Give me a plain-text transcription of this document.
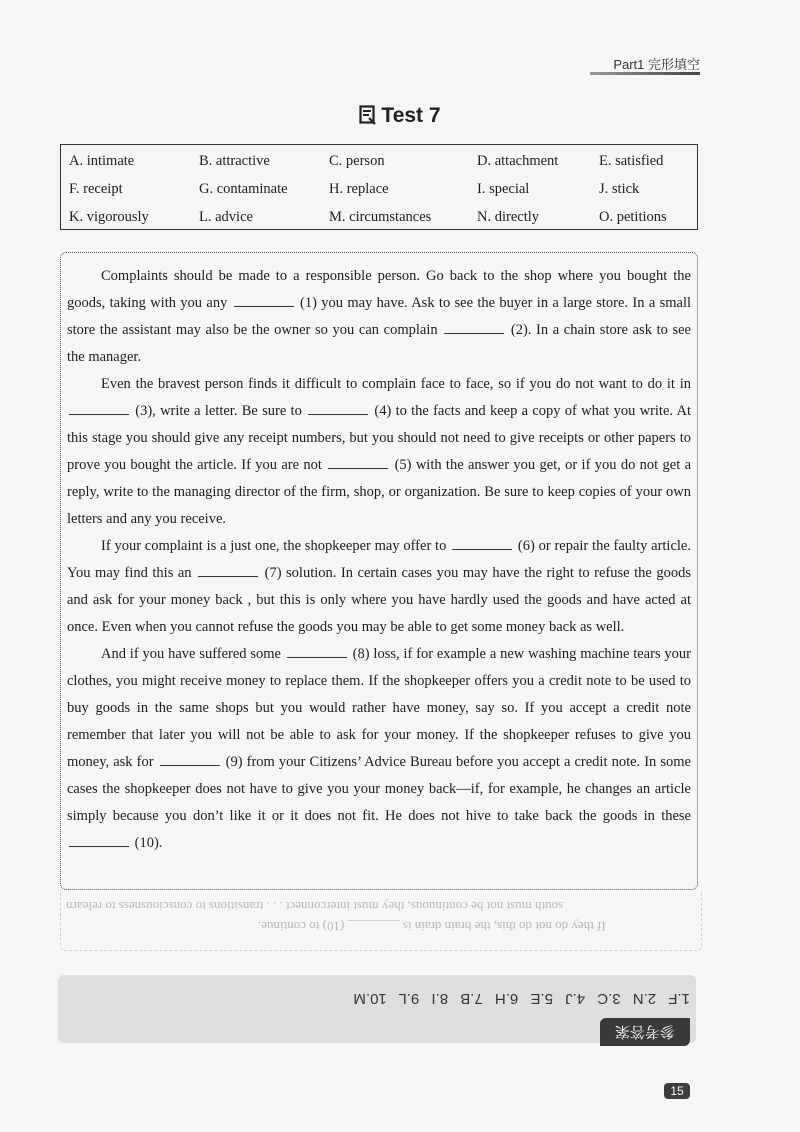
Part1 完形填空
Test 7
A. intimate	B. attractive	C. person	D. attachment	E. satisfied
F. receipt	G. contaminate	H. replace	I. special	J. stick
K. vigorously	L. advice	M. circumstances	N. directly	O. petitions

Complaints should be made to a responsible person. Go back to the shop where you bought the goods, taking with you any	(1) you may have. Ask to see the buyer in a large store. In a small store the assistant may also be the owner so you can complain	(2). In a chain store ask to see the manager.

Even the bravest person finds it difficult to complain face to face, so if you do not want to do it in  (3), write a letter. Be sure to	(4) to the facts and keep a copy of what you write. At this stage you should give any receipt numbers, but you should not need to give receipts or other papers to prove you bought the article. If you are not	(5) with the answer you get, or if you do not get a reply, write to the managing director of the firm, shop, or organization. Be sure to keep copies of your own letters and any you receive.

If your complaint is a just one, the shopkeeper may offer to	(6) or repair the faulty article. You may find this an	(7) solution. In certain cases you may have the right to refuse the goods and ask for your money back , but this is only where you have hardly used the goods and have acted at once. Even when you cannot refuse the goods you may be able to get some money back as well.

And if you have suffered some	(8) loss, if for example a new washing machine tears your clothes, you might receive money to replace them. If the shopkeeper offers you a credit note to be used to buy goods in the same shops but you would rather have money, say so. If you accept a credit note remember that later you will not be able to ask for your money. If the shopkeeper refuses to give you money, ask for	(9) from your Citizens’ Advice Bureau before you accept a credit note. In some cases the shopkeeper does not have to give you your money back—if, for example, he changes an article simply because you don’t like it or it does not fit. He does not hive to take back the goods in these  (10).

south must not be continuous, they must interconnect . . . transitions to consciousness to relearn
If they do not do this, the brain drain is ________ (10) to continue.
1.F 2.N 3.C 4.J 5.E 6.H 7.B 8.I 9.L 10.M
参考答案
15
